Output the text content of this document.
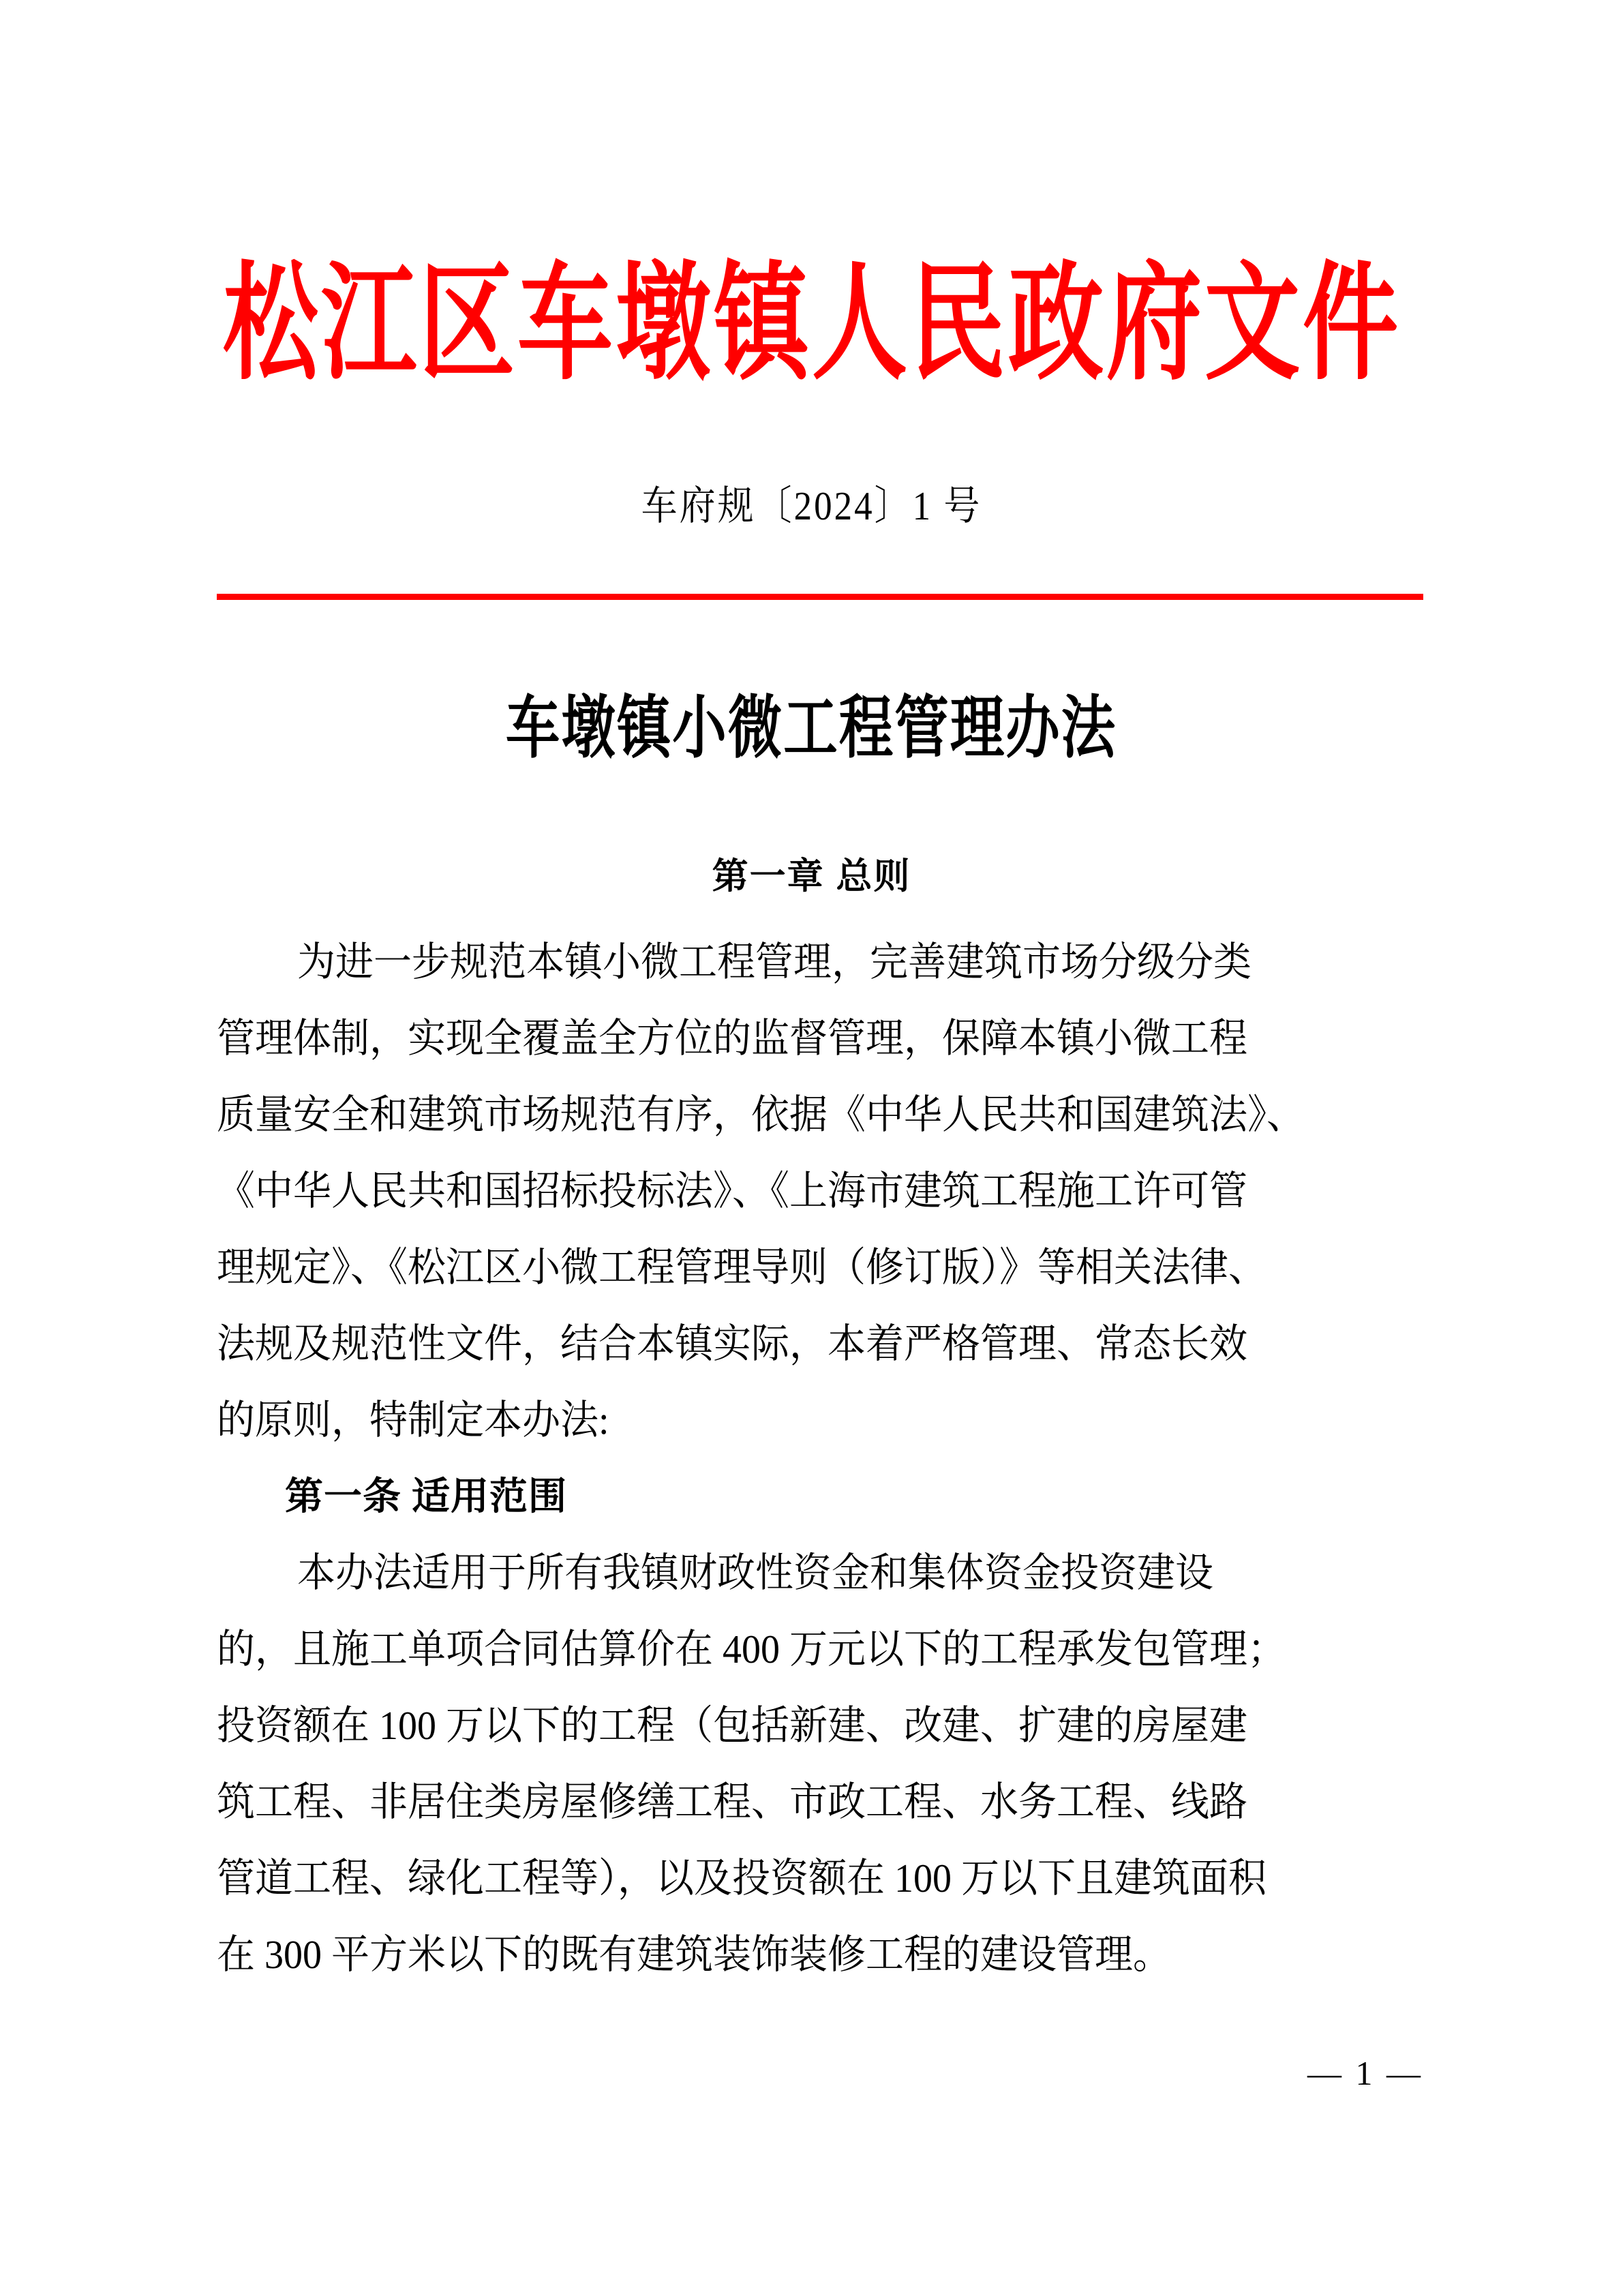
松江区车墩镇人民政府文件
车府规〔2024〕1 号
车墩镇小微工程管理办法
第一章 总则
为进一步规范本镇小微工程管理，完善建筑市场分级分类
管理体制，实现全覆盖全方位的监督管理，保障本镇小微工程
质量安全和建筑市场规范有序，依据《中华人民共和国建筑法》、
《中华人民共和国招标投标法》、《上海市建筑工程施工许可管
理规定》、《松江区小微工程管理导则（修订版）》等相关法律、
法规及规范性文件，结合本镇实际，本着严格管理、常态长效
的原则，特制定本办法:
第一条 适用范围
本办法适用于所有我镇财政性资金和集体资金投资建设
的，且施工单项合同估算价在 400 万元以下的工程承发包管理；
投资额在 100 万以下的工程（包括新建、改建、扩建的房屋建
筑工程、非居住类房屋修缮工程、市政工程、水务工程、线路
管道工程、绿化工程等），以及投资额在 100 万以下且建筑面积
在 300 平方米以下的既有建筑装饰装修工程的建设管理。
— 1 —
